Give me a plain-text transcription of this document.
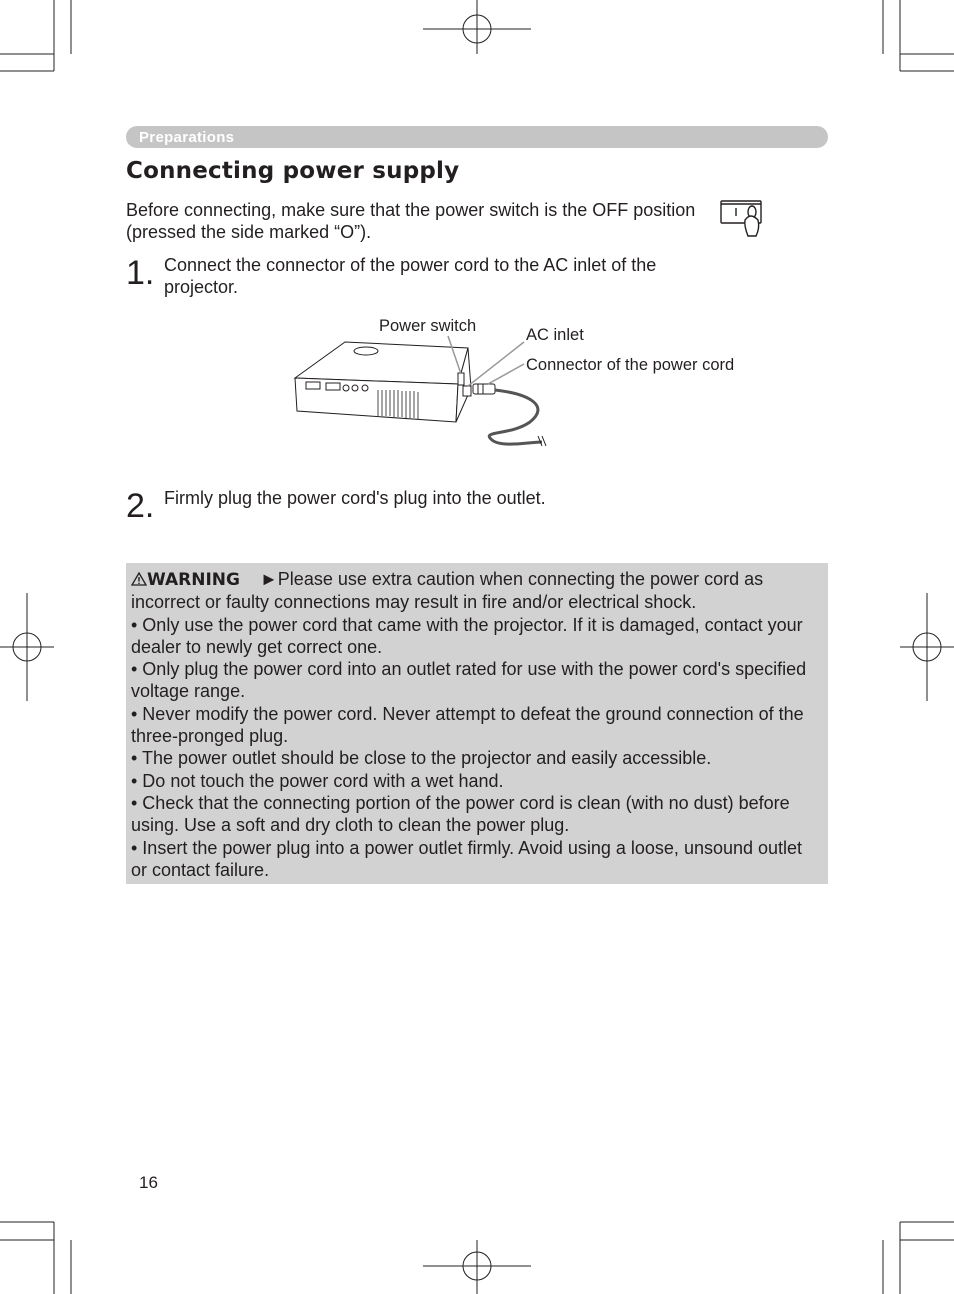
Preparations
Connecting power supply
Before connecting, make sure that the power switch is the OFF position (pressed the side marked “O”).
1. Connect the connector of the power cord to the AC inlet of the projector.
Power switch	AC inlet
Connector of the power cord
2. Firmly plug the power cord's plug into the outlet.
WARNING ►Please use extra caution when connecting the power cord as incorrect or faulty connections may result in fire and/or electrical shock.
• Only use the power cord that came with the projector. If it is damaged, contact your dealer to newly get correct one.
• Only plug the power cord into an outlet rated for use with the power cord's specified voltage range.
• Never modify the power cord. Never attempt to defeat the ground connection of the three-pronged plug.
• The power outlet should be close to the projector and easily accessible.
• Do not touch the power cord with a wet hand.
• Check that the connecting portion of the power cord is clean (with no dust) before using. Use a soft and dry cloth to clean the power plug.
• Insert the power plug into a power outlet firmly. Avoid using a loose, unsound outlet or contact failure.
16
